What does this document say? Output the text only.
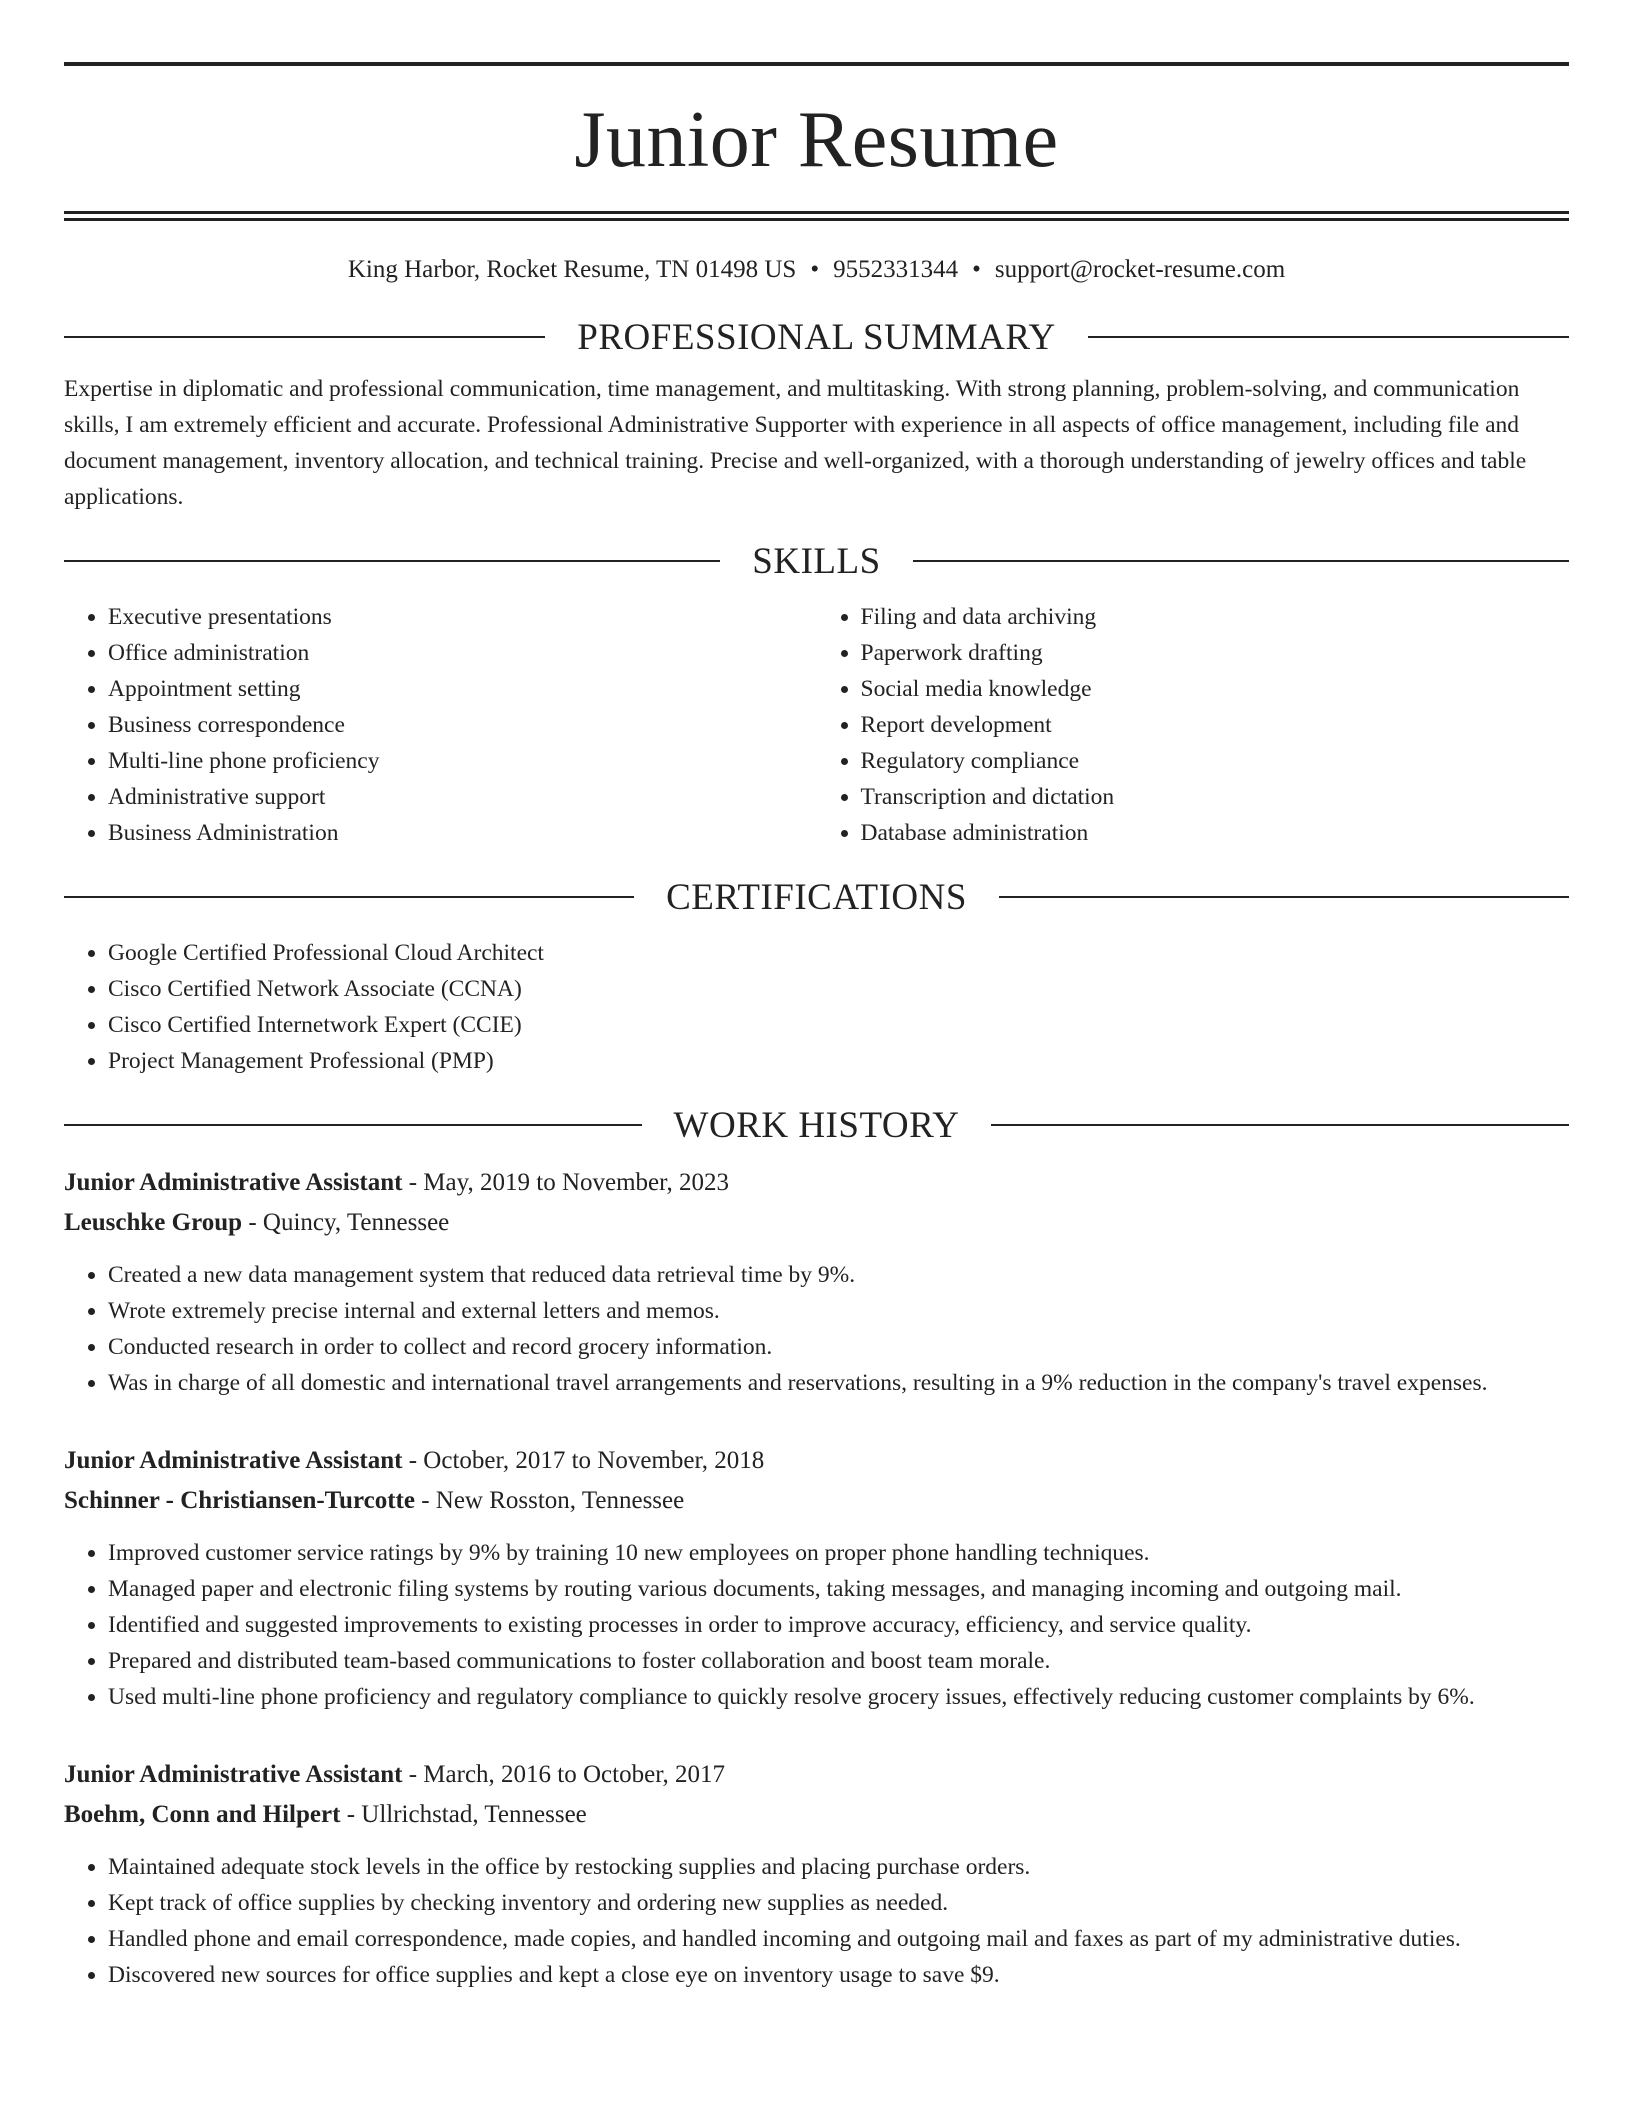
Junior Resume
King Harbor, Rocket Resume, TN 01498 US • 9552331344 • support@rocket-resume.com
PROFESSIONAL SUMMARY
Expertise in diplomatic and professional communication, time management, and multitasking. With strong planning, problem-solving, and communication skills, I am extremely efficient and accurate. Professional Administrative Supporter with experience in all aspects of office management, including file and document management, inventory allocation, and technical training. Precise and well-organized, with a thorough understanding of jewelry offices and table applications.
SKILLS
• Executive presentations
• Office administration
• Appointment setting
• Business correspondence
• Multi-line phone proficiency
• Administrative support
• Business Administration
• Filing and data archiving
• Paperwork drafting
• Social media knowledge
• Report development
• Regulatory compliance
• Transcription and dictation
• Database administration
CERTIFICATIONS
• Google Certified Professional Cloud Architect
• Cisco Certified Network Associate (CCNA)
• Cisco Certified Internetwork Expert (CCIE)
• Project Management Professional (PMP)
WORK HISTORY
Junior Administrative Assistant - May, 2019 to November, 2023
Leuschke Group - Quincy, Tennessee
• Created a new data management system that reduced data retrieval time by 9%.
• Wrote extremely precise internal and external letters and memos.
• Conducted research in order to collect and record grocery information.
• Was in charge of all domestic and international travel arrangements and reservations, resulting in a 9% reduction in the company's travel expenses.
Junior Administrative Assistant - October, 2017 to November, 2018
Schinner - Christiansen-Turcotte - New Rosston, Tennessee
• Improved customer service ratings by 9% by training 10 new employees on proper phone handling techniques.
• Managed paper and electronic filing systems by routing various documents, taking messages, and managing incoming and outgoing mail.
• Identified and suggested improvements to existing processes in order to improve accuracy, efficiency, and service quality.
• Prepared and distributed team-based communications to foster collaboration and boost team morale.
• Used multi-line phone proficiency and regulatory compliance to quickly resolve grocery issues, effectively reducing customer complaints by 6%.
Junior Administrative Assistant - March, 2016 to October, 2017
Boehm, Conn and Hilpert - Ullrichstad, Tennessee
• Maintained adequate stock levels in the office by restocking supplies and placing purchase orders.
• Kept track of office supplies by checking inventory and ordering new supplies as needed.
• Handled phone and email correspondence, made copies, and handled incoming and outgoing mail and faxes as part of my administrative duties.
• Discovered new sources for office supplies and kept a close eye on inventory usage to save $9.
